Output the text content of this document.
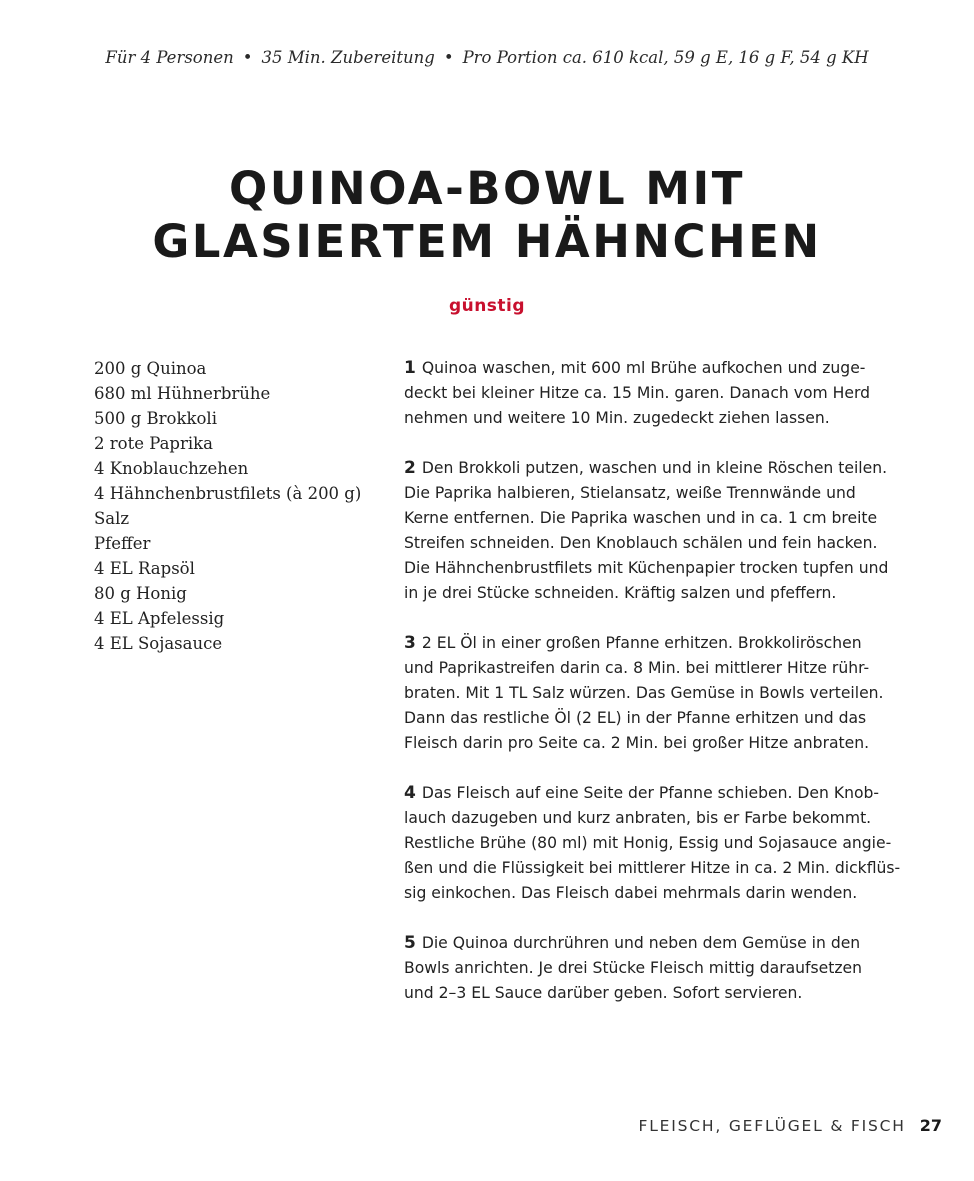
Für 4 Personen • 35 Min. Zubereitung • Pro Portion ca. 610 kcal, 59 g E, 16 g F, 54 g KH
QUINOA-BOWL MIT
GLASIERTEM HÄHNCHEN
günstig
200 g Quinoa
680 ml Hühnerbrühe
500 g Brokkoli
2 rote Paprika
4 Knoblauchzehen
4 Hähnchenbrustfilets (à 200 g)
Salz
Pfeffer
4 EL Rapsöl
80 g Honig
4 EL Apfelessig
4 EL Sojasauce
1 Quinoa waschen, mit 600 ml Brühe aufkochen und zuge-
deckt bei kleiner Hitze ca. 15 Min. garen. Danach vom Herd
nehmen und weitere 10 Min. zugedeckt ziehen lassen.
2 Den Brokkoli putzen, waschen und in kleine Röschen teilen.
Die Paprika halbieren, Stielansatz, weiße Trennwände und
Kerne entfernen. Die Paprika waschen und in ca. 1 cm breite
Streifen schneiden. Den Knoblauch schälen und fein hacken.
Die Hähnchenbrustfilets mit Küchenpapier trocken tupfen und
in je drei Stücke schneiden. Kräftig salzen und pfeffern.
3 2 EL Öl in einer großen Pfanne erhitzen. Brokkoliröschen
und Paprikastreifen darin ca. 8 Min. bei mittlerer Hitze rühr-
braten. Mit 1 TL Salz würzen. Das Gemüse in Bowls verteilen.
Dann das restliche Öl (2 EL) in der Pfanne erhitzen und das
Fleisch darin pro Seite ca. 2 Min. bei großer Hitze anbraten.
4 Das Fleisch auf eine Seite der Pfanne schieben. Den Knob-
lauch dazugeben und kurz anbraten, bis er Farbe bekommt.
Restliche Brühe (80 ml) mit Honig, Essig und Sojasauce angie-
ßen und die Flüssigkeit bei mittlerer Hitze in ca. 2 Min. dickflüs-
sig einkochen. Das Fleisch dabei mehrmals darin wenden.
5 Die Quinoa durchrühren und neben dem Gemüse in den
Bowls anrichten. Je drei Stücke Fleisch mittig daraufsetzen
und 2–3 EL Sauce darüber geben. Sofort servieren.
FLEISCH, GEFLÜGEL & FISCH 27
